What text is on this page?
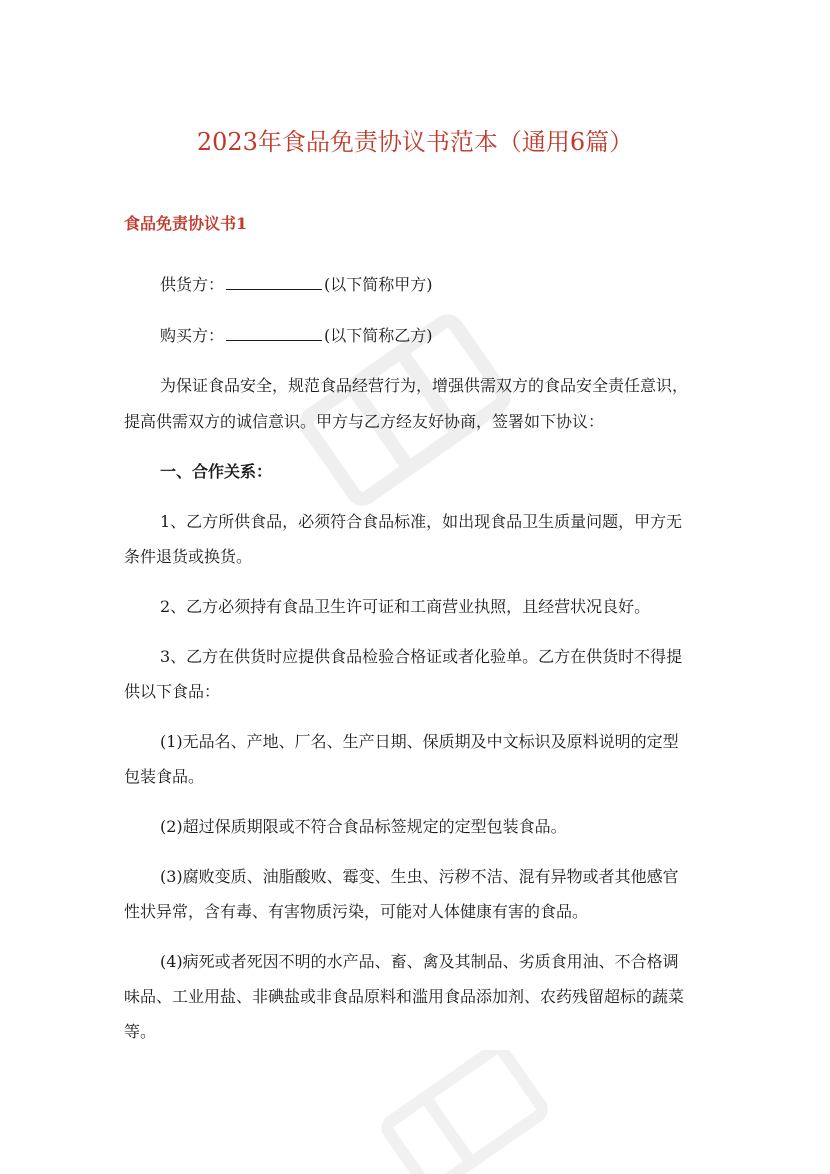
2023年食品免责协议书范本（通用6篇）
食品免责协议书1
供货方：	(以下简称甲方)
购买方：	(以下简称乙方)
为保证食品安全，规范食品经营行为，增强供需双方的食品安全责任意识，
提高供需双方的诚信意识。甲方与乙方经友好协商，签署如下协议：
一、合作关系：
1、乙方所供食品，必须符合食品标准，如出现食品卫生质量问题，甲方无
条件退货或换货。
2、乙方必须持有食品卫生许可证和工商营业执照，且经营状况良好。
3、乙方在供货时应提供食品检验合格证或者化验单。乙方在供货时不得提
供以下食品：
(1)无品名、产地、厂名、生产日期、保质期及中文标识及原料说明的定型
包装食品。
(2)超过保质期限或不符合食品标签规定的定型包装食品。
(3)腐败变质、油脂酸败、霉变、生虫、污秽不洁、混有异物或者其他感官
性状异常，含有毒、有害物质污染，可能对人体健康有害的食品。
(4)病死或者死因不明的水产品、畜、禽及其制品、劣质食用油、不合格调
味品、工业用盐、非碘盐或非食品原料和滥用食品添加剂、农药残留超标的蔬菜
等。
